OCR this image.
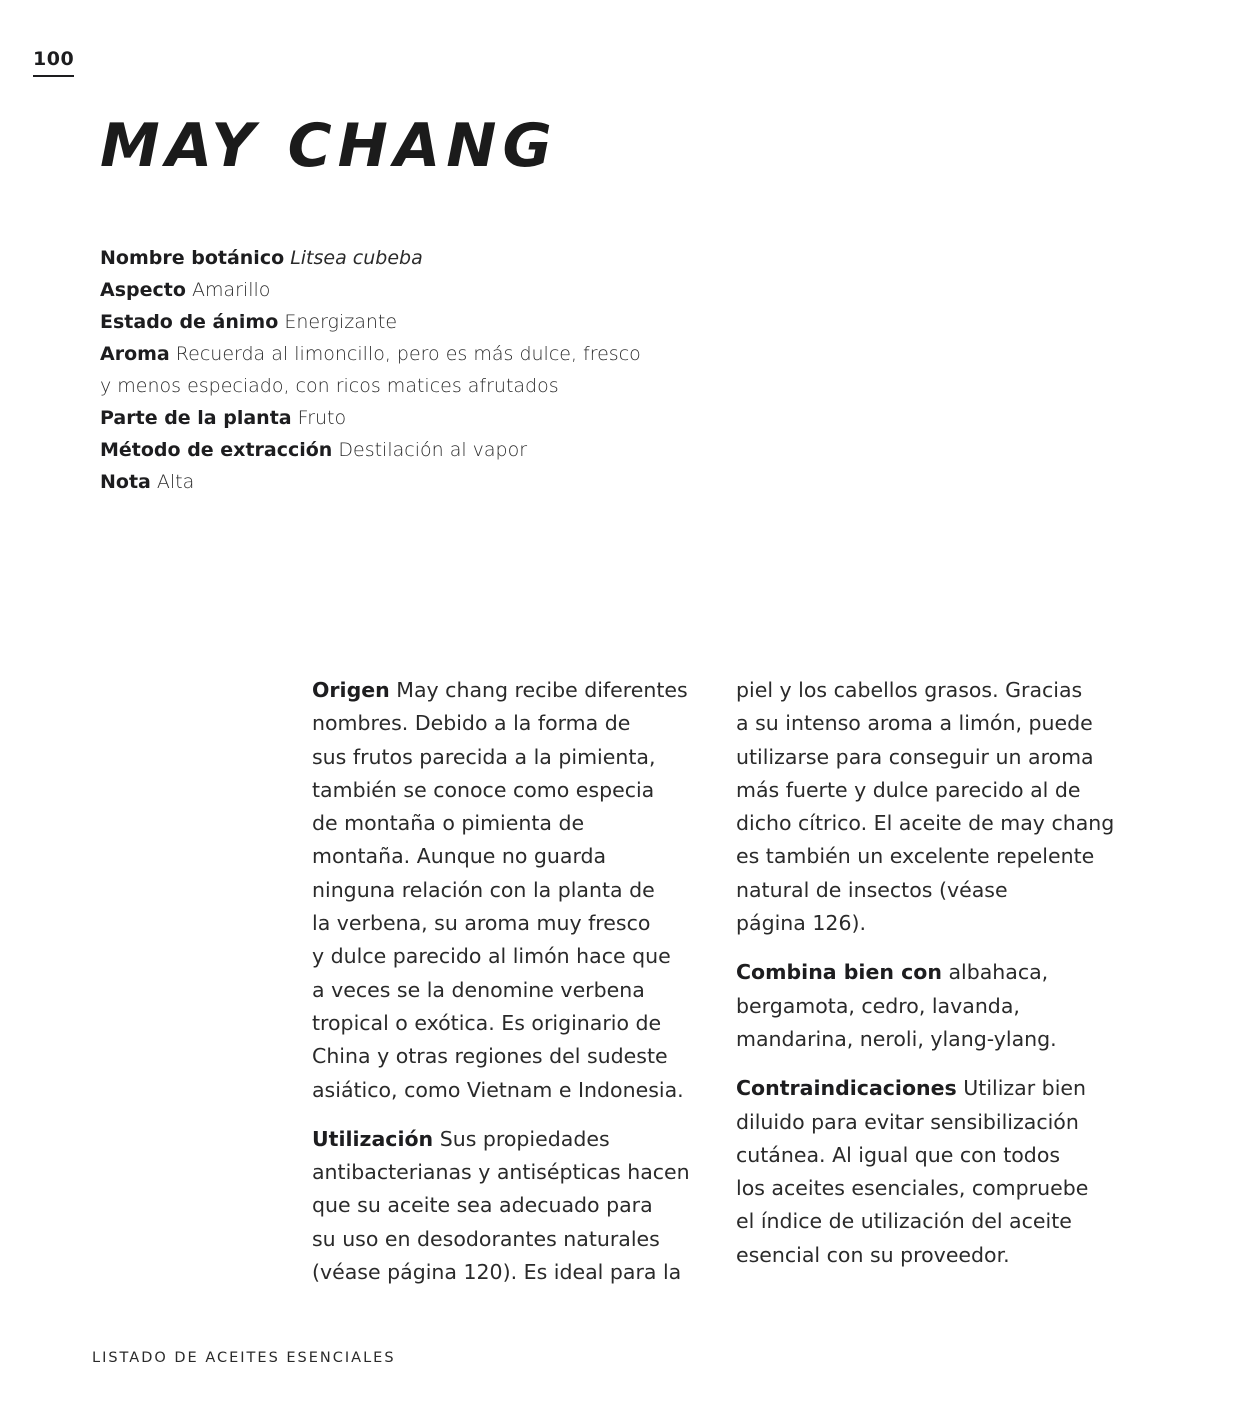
100
MAY CHANG

Nombre botánico Litsea cubeba

Aspecto Amarillo

Estado de ánimo Energizante

Aroma Recuerda al limoncillo, pero es más dulce, fresco
y menos especiado, con ricos matices afrutados

Parte de la planta Fruto

Método de extracción Destilación al vapor

Nota Alta

Origen May chang recibe diferentes
nombres. Debido a la forma de
sus frutos parecida a la pimienta,
también se conoce como especia
de montaña o pimienta de
montaña. Aunque no guarda
ninguna relación con la planta de
la verbena, su aroma muy fresco
y dulce parecido al limón hace que
a veces se la denomine verbena
tropical o exótica. Es originario de
China y otras regiones del sudeste
asiático, como Vietnam e Indonesia.

Utilización Sus propiedades
antibacterianas y antisépticas hacen
que su aceite sea adecuado para
su uso en desodorantes naturales
(véase página 120). Es ideal para la

piel y los cabellos grasos. Gracias
a su intenso aroma a limón, puede
utilizarse para conseguir un aroma
más fuerte y dulce parecido al de
dicho cítrico. El aceite de may chang
es también un excelente repelente
natural de insectos (véase
página 126).

Combina bien con albahaca,
bergamota, cedro, lavanda,
mandarina, neroli, ylang-ylang.

Contraindicaciones Utilizar bien
diluido para evitar sensibilización
cutánea. Al igual que con todos
los aceites esenciales, compruebe
el índice de utilización del aceite
esencial con su proveedor.

LISTADO DE ACEITES ESENCIALES
